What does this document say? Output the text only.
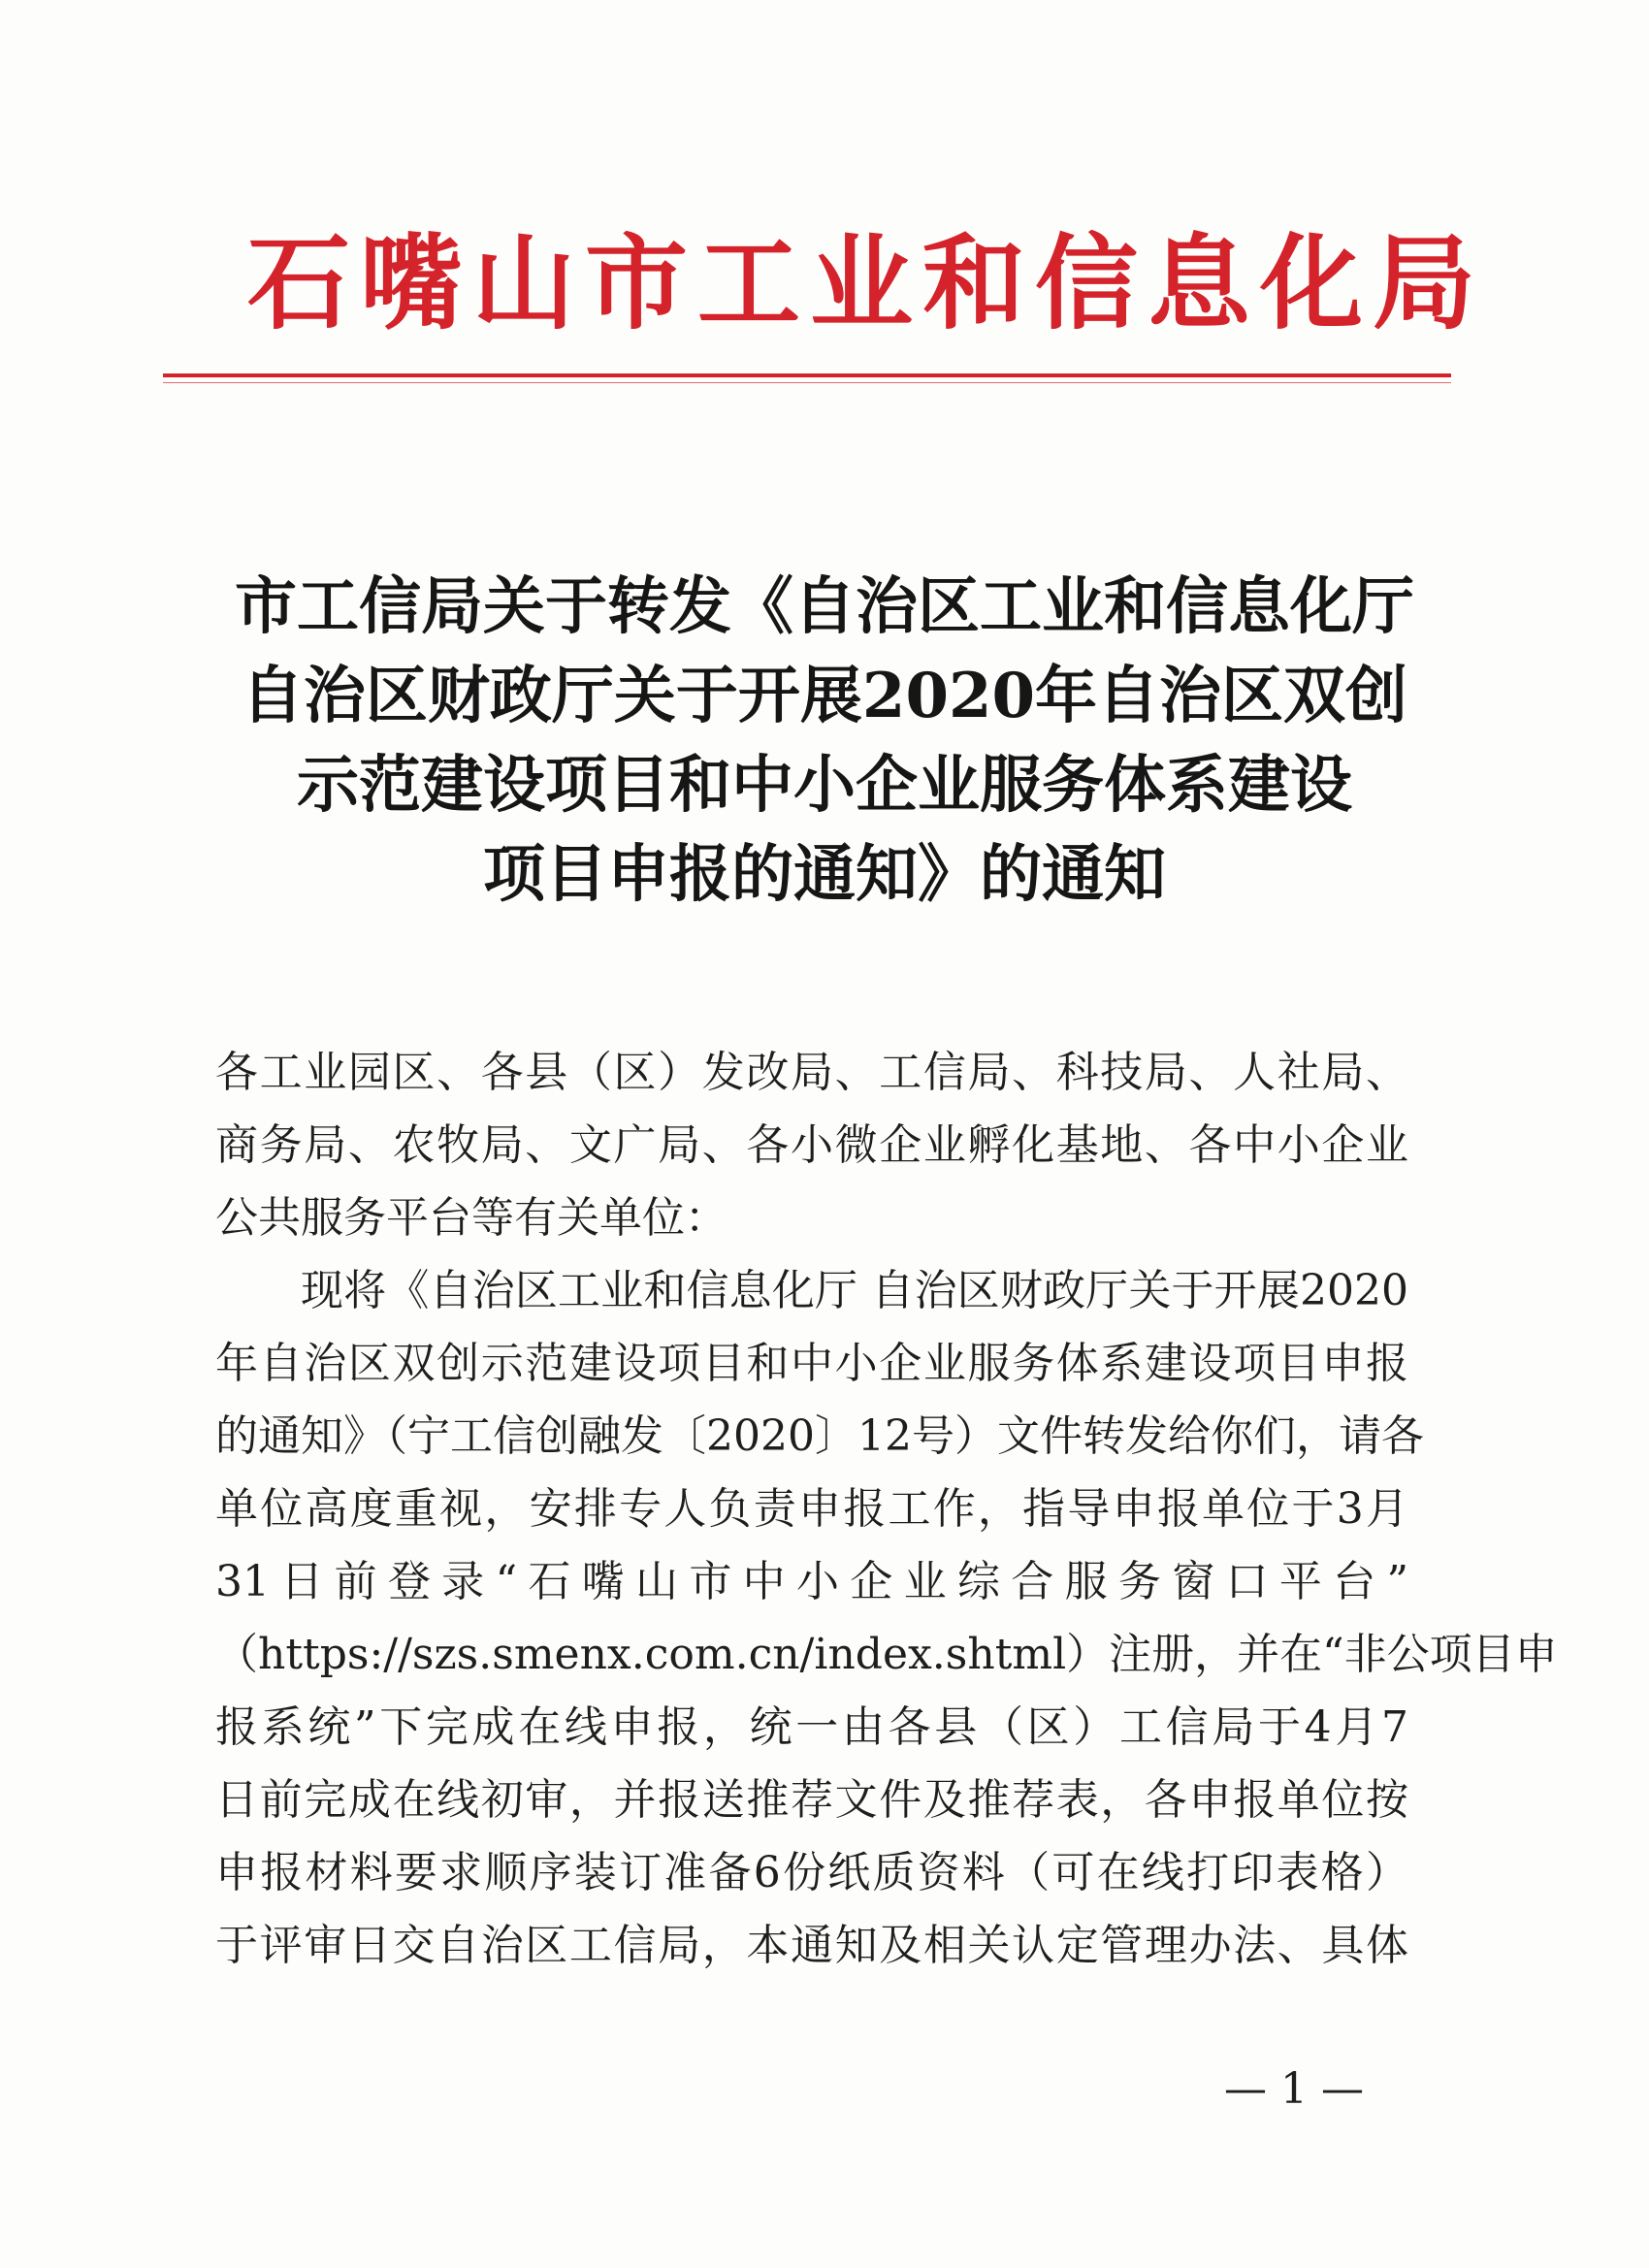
石嘴山市工业和信息化局
市工信局关于转发《自治区工业和信息化厅
自治区财政厅关于开展2020年自治区双创
示范建设项目和中小企业服务体系建设
项目申报的通知》的通知
各工业园区、各县（区）发改局、工信局、科技局、人社局、
商务局、农牧局、文广局、各小微企业孵化基地、各中小企业
公共服务平台等有关单位：
现将《自治区工业和信息化厅 自治区财政厅关于开展2020
年自治区双创示范建设项目和中小企业服务体系建设项目申报
的通知》（宁工信创融发〔2020〕12号）文件转发给你们，请各
单位高度重视，安排专人负责申报工作，指导申报单位于3月
31日前登录“石嘴山市中小企业综合服务窗口平台”
（https://szs.smenx.com.cn/index.shtml）注册，并在“非公项目申
报系统”下完成在线申报，统一由各县（区）工信局于4月7
日前完成在线初审，并报送推荐文件及推荐表，各申报单位按
申报材料要求顺序装订准备6份纸质资料（可在线打印表格）
于评审日交自治区工信局，本通知及相关认定管理办法、具体
— 1 —
